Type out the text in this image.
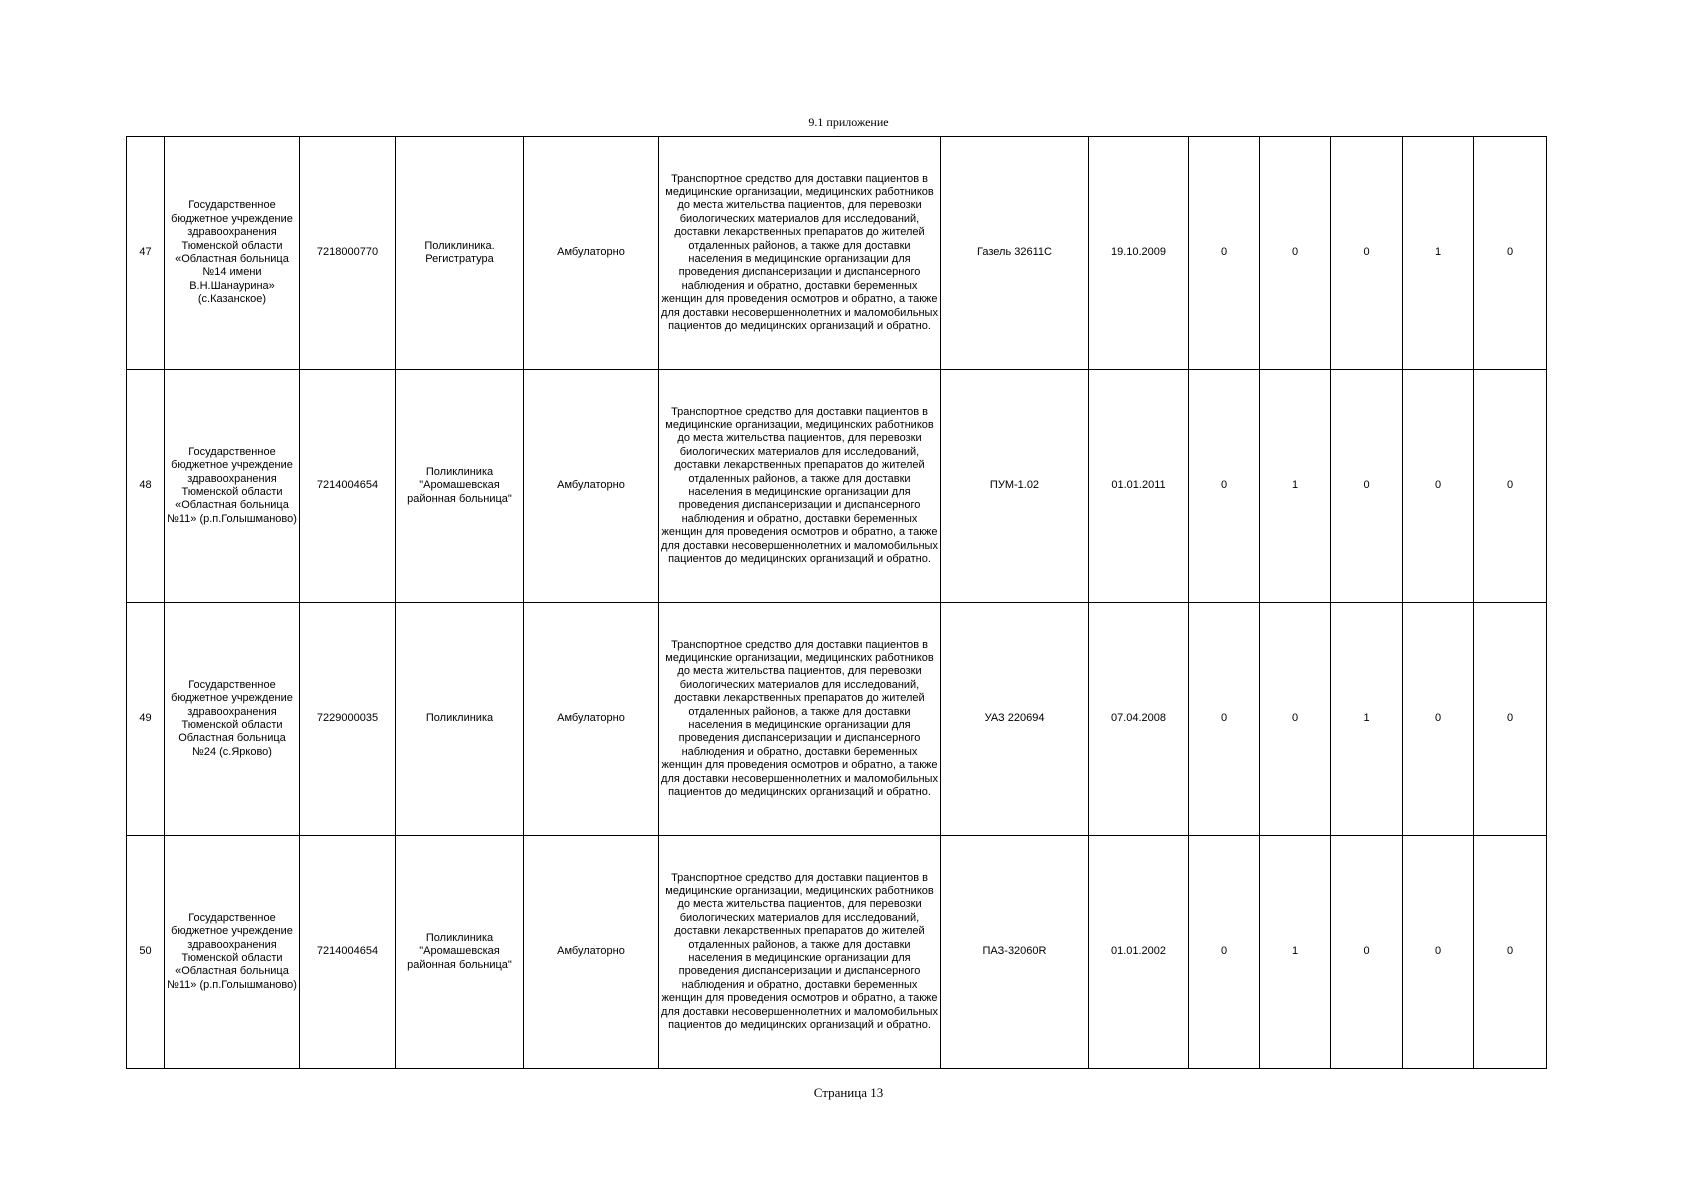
9.1 приложение
47	Государственное бюджетное учреждение здравоохранения Тюменской области «Областная больница №14 имени В.Н.Шанаурина» (с.Казанское)	7218000770	Поликлиника. Регистратура	Амбулаторно	Транспортное средство для доставки пациентов в медицинские организации, медицинских работников до места жительства пациентов, для перевозки биологических материалов для исследований, доставки лекарственных препаратов до жителей отдаленных районов, а также для доставки населения в медицинские организации для проведения диспансеризации и диспансерного наблюдения и обратно, доставки беременных женщин для проведения осмотров и обратно, а также для доставки несовершеннолетних и маломобильных пациентов до медицинских организаций и обратно.	Газель 32611С	19.10.2009	0	0	0	1	0
48	Государственное бюджетное учреждение здравоохранения Тюменской области «Областная больница №11» (р.п.Голышманово)	7214004654	Поликлиника "Аромашевская районная больница"	Амбулаторно	Транспортное средство для доставки пациентов в медицинские организации, медицинских работников до места жительства пациентов, для перевозки биологических материалов для исследований, доставки лекарственных препаратов до жителей отдаленных районов, а также для доставки населения в медицинские организации для проведения диспансеризации и диспансерного наблюдения и обратно, доставки беременных женщин для проведения осмотров и обратно, а также для доставки несовершеннолетних и маломобильных пациентов до медицинских организаций и обратно.	ПУМ-1.02	01.01.2011	0	1	0	0	0
49	Государственное бюджетное учреждение здравоохранения Тюменской области Областная больница №24 (с.Ярково)	7229000035	Поликлиника	Амбулаторно	Транспортное средство для доставки пациентов в медицинские организации, медицинских работников до места жительства пациентов, для перевозки биологических материалов для исследований, доставки лекарственных препаратов до жителей отдаленных районов, а также для доставки населения в медицинские организации для проведения диспансеризации и диспансерного наблюдения и обратно, доставки беременных женщин для проведения осмотров и обратно, а также для доставки несовершеннолетних и маломобильных пациентов до медицинских организаций и обратно.	УАЗ 220694	07.04.2008	0	0	1	0	0
50	Государственное бюджетное учреждение здравоохранения Тюменской области «Областная больница №11» (р.п.Голышманово)	7214004654	Поликлиника "Аромашевская районная больница"	Амбулаторно	Транспортное средство для доставки пациентов в медицинские организации, медицинских работников до места жительства пациентов, для перевозки биологических материалов для исследований, доставки лекарственных препаратов до жителей отдаленных районов, а также для доставки населения в медицинские организации для проведения диспансеризации и диспансерного наблюдения и обратно, доставки беременных женщин для проведения осмотров и обратно, а также для доставки несовершеннолетних и маломобильных пациентов до медицинских организаций и обратно.	ПАЗ-32060R	01.01.2002	0	1	0	0	0
Страница 13
